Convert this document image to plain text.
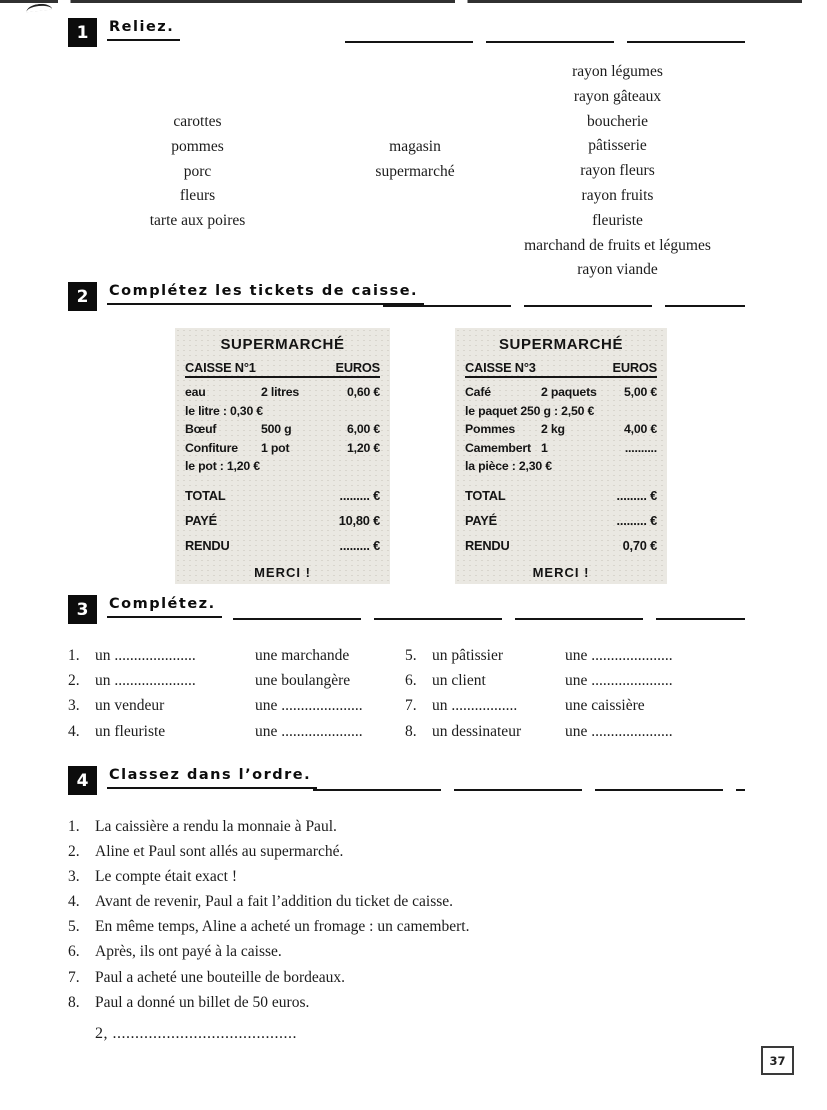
1	Reliez.
carottes
pommes
porc
fleurs
tarte aux poires
magasin
supermarché
rayon légumes
rayon gâteaux
boucherie
pâtisserie
rayon fleurs
rayon fruits
fleuriste
marchand de fruits et légumes
rayon viande
2	Complétez les tickets de caisse.
SUPERMARCHÉ
CAISSE N°1	EUROS
eau	2 litres	0,60 €
le litre : 0,30 €
Bœuf	500 g	6,00 €
Confiture	1 pot	1,20 €
le pot : 1,20 €
TOTAL	......... €
PAYÉ	10,80 €
RENDU	......... €
MERCI !
SUPERMARCHÉ
CAISSE N°3	EUROS
Café	2 paquets	5,00 €
le paquet 250 g : 2,50 €
Pommes	2 kg	4,00 €
Camembert 1	..........
la pièce : 2,30 €
TOTAL	......... €
PAYÉ	......... €
RENDU	0,70 €
MERCI !
3	Complétez.
1. un .....................	une marchande
2. un .....................	une boulangère
3. un vendeur	une .....................
4. un fleuriste	une .....................
5. un pâtissier	une .....................
6. un client	une .....................
7. un .................	une caissière
8. un dessinateur	une .....................
4	Classez dans l’ordre.
1. La caissière a rendu la monnaie à Paul.
2. Aline et Paul sont allés au supermarché.
3. Le compte était exact !
4. Avant de revenir, Paul a fait l’addition du ticket de caisse.
5. En même temps, Aline a acheté un fromage : un camembert.
6. Après, ils ont payé à la caisse.
7. Paul a acheté une bouteille de bordeaux.
8. Paul a donné un billet de 50 euros.
2, .........................................
37
